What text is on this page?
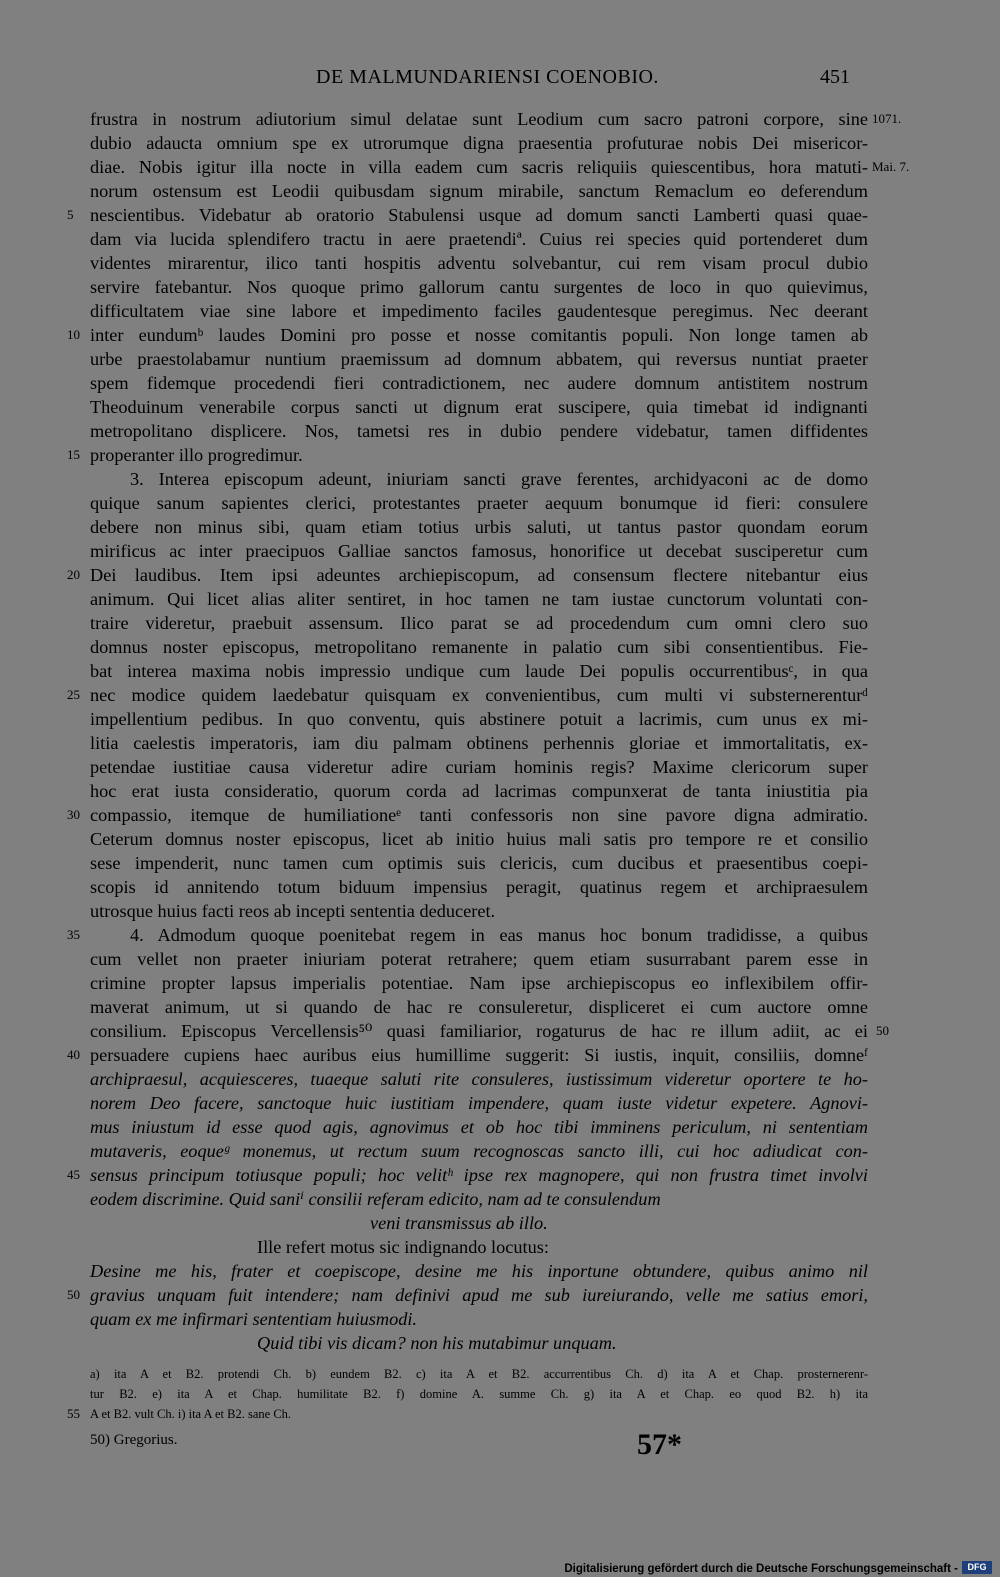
DE MALMUNDARIENSI COENOBIO.	451
frustra in nostrum adiutorium simul delatae sunt Leodium cum sacro patroni corpore, sine
dubio adaucta omnium spe ex utrorumque digna praesentia profuturae nobis Dei misericor-
diae. Nobis igitur illa nocte in villa eadem cum sacris reliquiis quiescentibus, hora matuti-
norum ostensum est Leodii quibusdam signum mirabile, sanctum Remaclum eo deferendum
nescientibus. Videbatur ab oratorio Stabulensi usque ad domum sancti Lamberti quasi quae-
dam via lucida splendifero tractu in aere praetendiª. Cuius rei species quid portenderet dum
videntes mirarentur, ilico tanti hospitis adventu solvebantur, cui rem visam procul dubio
servire fatebantur. Nos quoque primo gallorum cantu surgentes de loco in quo quievimus,
difficultatem viae sine labore et impedimento faciles gaudentesque peregimus. Nec deerant
inter eundumᵇ laudes Domini pro posse et nosse comitantis populi. Non longe tamen ab
urbe praestolabamur nuntium praemissum ad domnum abbatem, qui reversus nuntiat praeter
spem fidemque procedendi fieri contradictionem, nec audere domnum antistitem nostrum
Theoduinum venerabile corpus sancti ut dignum erat suscipere, quia timebat id indignanti
metropolitano displicere. Nos, tametsi res in dubio pendere videbatur, tamen diffidentes
properanter illo progredimur.
3. Interea episcopum adeunt, iniuriam sancti grave ferentes, archidyaconi ac de domo
quique sanum sapientes clerici, protestantes praeter aequum bonumque id fieri: consulere
debere non minus sibi, quam etiam totius urbis saluti, ut tantus pastor quondam eorum
mirificus ac inter praecipuos Galliae sanctos famosus, honorifice ut decebat susciperetur cum
Dei laudibus. Item ipsi adeuntes archiepiscopum, ad consensum flectere nitebantur eius
animum. Qui licet alias aliter sentiret, in hoc tamen ne tam iustae cunctorum voluntati con-
traire videretur, praebuit assensum. Ilico parat se ad procedendum cum omni clero suo
domnus noster episcopus, metropolitano remanente in palatio cum sibi consentientibus. Fie-
bat interea maxima nobis impressio undique cum laude Dei populis occurrentibusᶜ, in qua
nec modice quidem laedebatur quisquam ex convenientibus, cum multi vi substernerenturᵈ
impellentium pedibus. In quo conventu, quis abstinere potuit a lacrimis, cum unus ex mi-
litia caelestis imperatoris, iam diu palmam obtinens perhennis gloriae et immortalitatis, ex-
petendae iustitiae causa videretur adire curiam hominis regis? Maxime clericorum super
hoc erat iusta consideratio, quorum corda ad lacrimas compunxerat de tanta iniustitia pia
compassio, itemque de humiliationeᵉ tanti confessoris non sine pavore digna admiratio.
Ceterum domnus noster episcopus, licet ab initio huius mali satis pro tempore re et consilio
sese impenderit, nunc tamen cum optimis suis clericis, cum ducibus et praesentibus coepi-
scopis id annitendo totum biduum impensius peragit, quatinus regem et archipraesulem
utrosque huius facti reos ab incepti sententia deduceret.
4. Admodum quoque poenitebat regem in eas manus hoc bonum tradidisse, a quibus
cum vellet non praeter iniuriam poterat retrahere; quem etiam susurrabant parem esse in
crimine propter lapsus imperialis potentiae. Nam ipse archiepiscopus eo inflexibilem offir-
maverat animum, ut si quando de hac re consuleretur, displiceret ei cum auctore omne
consilium. Episcopus Vercellensis⁵⁰ quasi familiarior, rogaturus de hac re illum adiit, ac ei
persuadere cupiens haec auribus eius humillime suggerit: Si iustis, inquit, consiliis, domneᶠ
archipraesul, acquiesceres, tuaeque saluti rite consuleres, iustissimum videretur oportere te ho-
norem Deo facere, sanctoque huic iustitiam impendere, quam iuste videtur expetere. Agnovi-
mus iniustum id esse quod agis, agnovimus et ob hoc tibi imminens periculum, ni sententiam
mutaveris, eoqueᵍ monemus, ut rectum suum recognoscas sancto illi, cui hoc adiudicat con-
sensus principum totiusque populi; hoc velitʰ ipse rex magnopere, qui non frustra timet involvi
eodem discrimine. Quid saniⁱ consilii referam edicito, nam ad te consulendum
veni transmissus ab illo.
Ille refert motus sic indignando locutus:
Desine me his, frater et coepiscope, desine me his inportune obtundere, quibus animo nil
gravius unquam fuit intendere; nam definivi apud me sub iureiurando, velle me satius emori,
quam ex me infirmari sententiam huiusmodi.
Quid tibi vis dicam? non his mutabimur unquam.
5
10
15
20
25
30
35
40
45
50
1071.
Mai. 7.
50
a) ita A et B2. protendi Ch. b) eundem B2. c) ita A et B2. accurrentibus Ch. d) ita A et Chap. prosternerenr-
tur B2. e) ita A et Chap. humilitate B2. f) domine A. summe Ch. g) ita A et Chap. eo quod B2. h) ita
A et B2. vult Ch. i) ita A et B2. sane Ch.
55
50) Gregorius.	57*
Digitalisierung gefördert durch die Deutsche Forschungsgemeinschaft -	DFG
